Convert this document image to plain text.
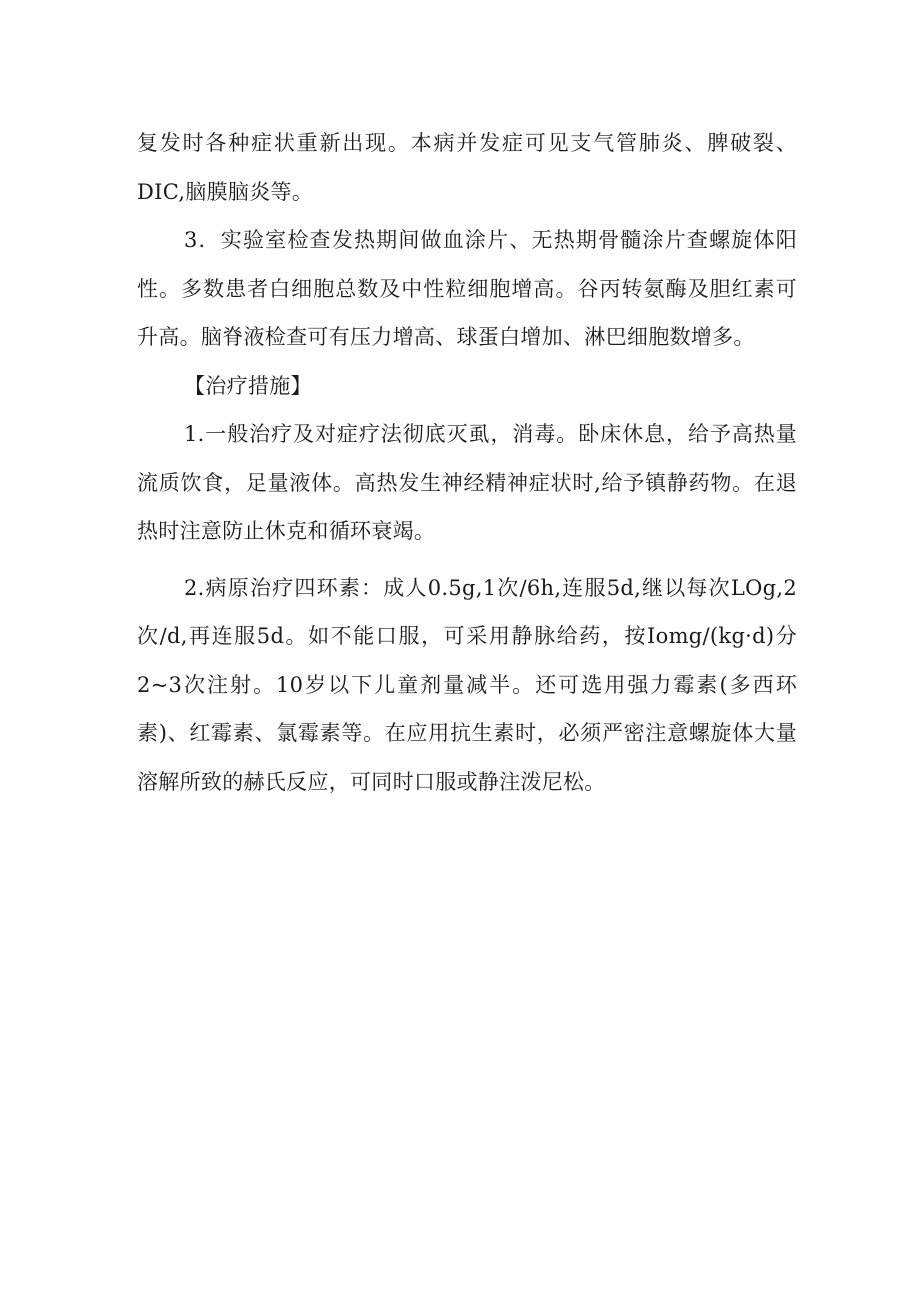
复发时各种症状重新出现。本病并发症可见支气管肺炎、脾破裂、DIC,脑膜脑炎等。

3．实验室检查发热期间做血涂片、无热期骨髓涂片查螺旋体阳性。多数患者白细胞总数及中性粒细胞增高。谷丙转氨酶及胆红素可升高。脑脊液检查可有压力增高、球蛋白增加、淋巴细胞数增多。

【治疗措施】

1.一般治疗及对症疗法彻底灭虱，消毒。卧床休息，给予高热量流质饮食，足量液体。高热发生神经精神症状时,给予镇静药物。在退热时注意防止休克和循环衰竭。

2.病原治疗四环素：成人0.5g,1次∕6h,连服5d,继以每次LOg,2次∕d,再连服5d。如不能口服，可采用静脉给药，按Iomg/(kg·d)分2~3次注射。10岁以下儿童剂量减半。还可选用强力霉素(多西环素)、红霉素、氯霉素等。在应用抗生素时，必须严密注意螺旋体大量溶解所致的赫氏反应，可同时口服或静注泼尼松。
